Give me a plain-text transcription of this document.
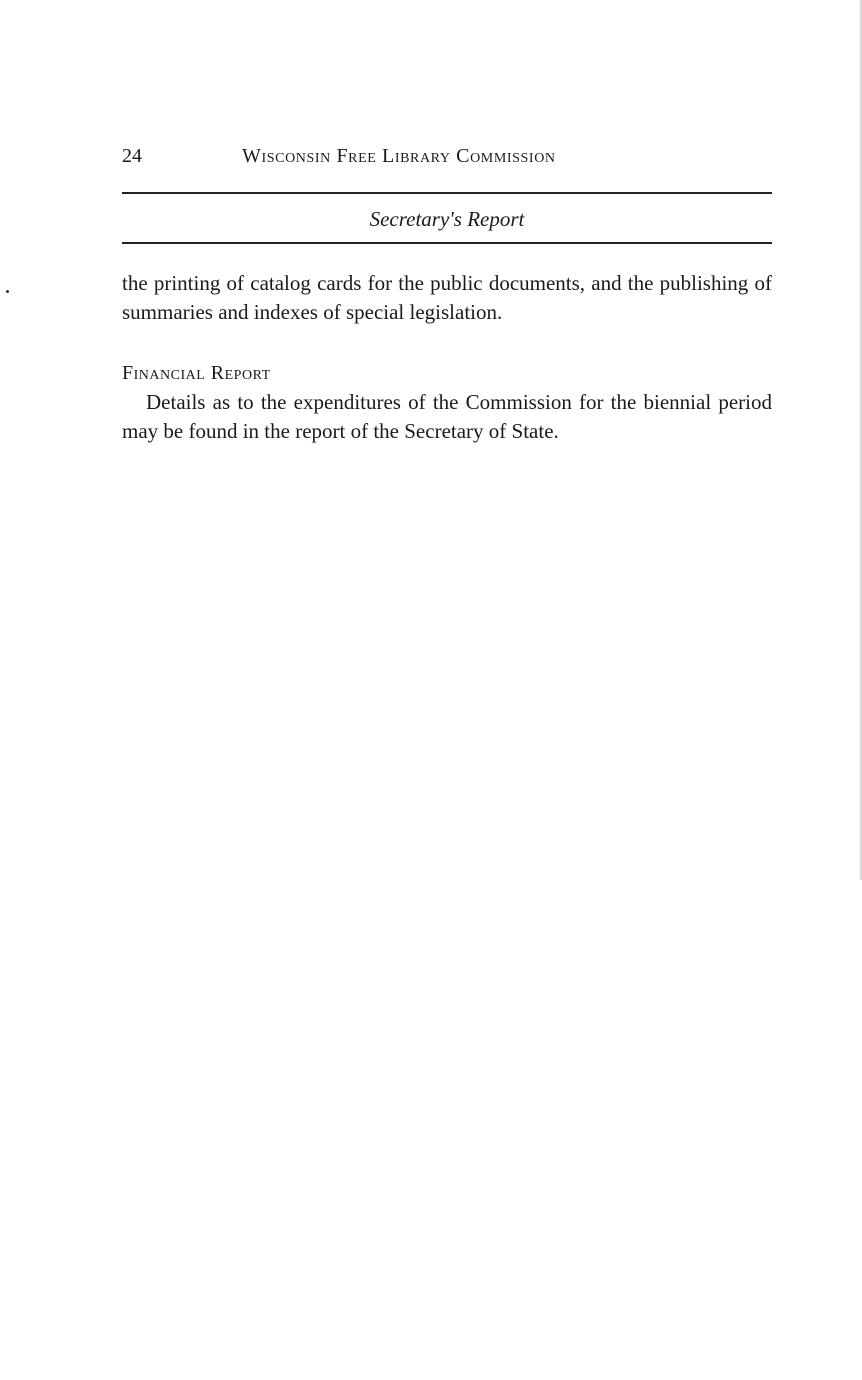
24	Wisconsin Free Library Commission
Secretary's Report

the printing of catalog cards for the public documents, and the publishing of summaries and indexes of special legislation.

Financial Report

Details as to the expenditures of the Commission for the biennial period may be found in the report of the Secretary of State.
